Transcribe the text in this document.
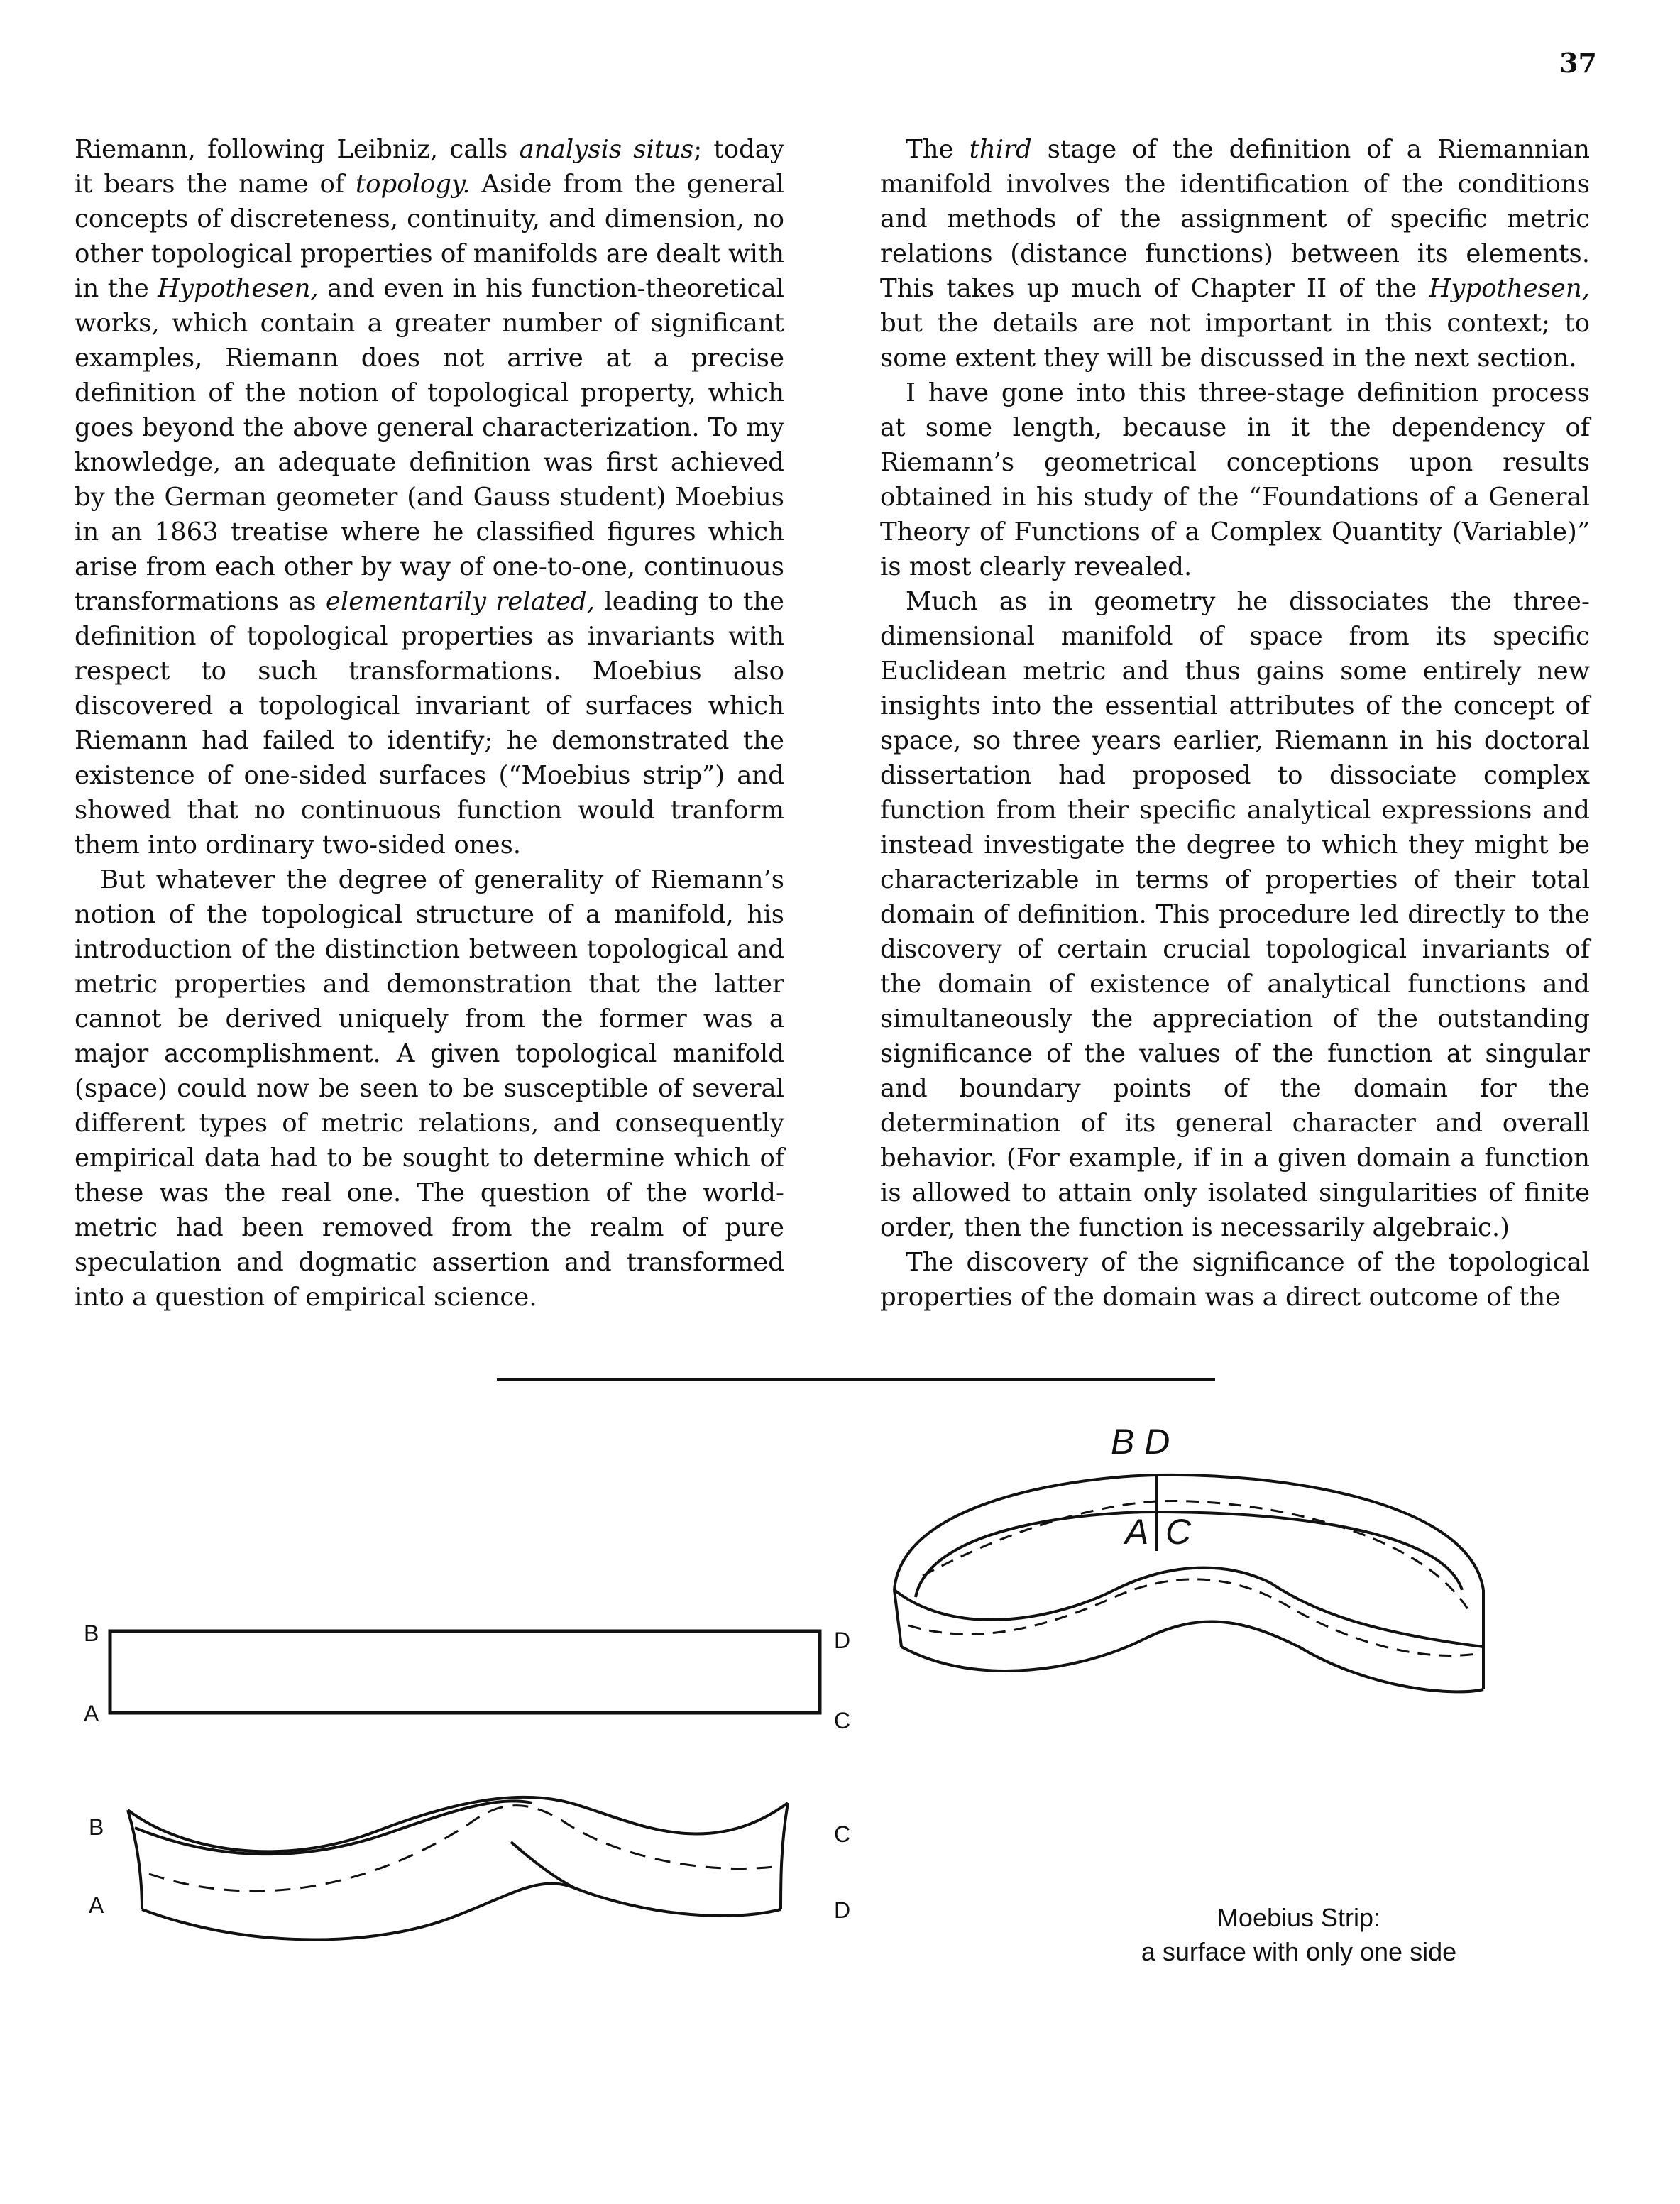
37

Riemann, following Leibniz, calls analysis situs; today it bears the name of topology. Aside from the general concepts of discreteness, continuity, and dimension, no other topological properties of manifolds are dealt with in the Hypothesen, and even in his function-theoretical works, which contain a greater number of significant examples, Riemann does not arrive at a precise definition of the notion of topological property, which goes beyond the above general characterization. To my knowledge, an adequate definition was first achieved by the German geometer (and Gauss student) Moebius in an 1863 treatise where he classified figures which arise from each other by way of one-to-one, continuous transformations as elementarily related, leading to the definition of topological properties as invariants with respect to such transformations. Moebius also discovered a topological invariant of surfaces which Riemann had failed to identify; he demonstrated the existence of one-sided surfaces (“Moebius strip”) and showed that no continuous function would tranform them into ordinary two-sided ones.

But whatever the degree of generality of Riemann’s notion of the topological structure of a manifold, his introduction of the distinction between topological and metric properties and demonstration that the latter cannot be derived uniquely from the former was a major accomplishment. A given topological manifold (space) could now be seen to be susceptible of several different types of metric relations, and consequently empirical data had to be sought to determine which of these was the real one. The question of the world-metric had been removed from the realm of pure speculation and dogmatic assertion and transformed into a question of empirical science.

The third stage of the definition of a Riemannian manifold involves the identification of the conditions and methods of the assignment of specific metric relations (distance functions) between its elements. This takes up much of Chapter II of the Hypothesen, but the details are not important in this context; to some extent they will be discussed in the next section.

I have gone into this three-stage definition process at some length, because in it the dependency of Riemann’s geometrical conceptions upon results obtained in his study of the “Foundations of a General Theory of Functions of a Complex Quantity (Variable)” is most clearly revealed.

Much as in geometry he dissociates the three-dimensional manifold of space from its specific Euclidean metric and thus gains some entirely new insights into the essential attributes of the concept of space, so three years earlier, Riemann in his doctoral dissertation had proposed to dissociate complex function from their specific analytical expressions and instead investigate the degree to which they might be characterizable in terms of properties of their total domain of definition. This procedure led directly to the discovery of certain crucial topological invariants of the domain of existence of analytical functions and simultaneously the appreciation of the outstanding significance of the values of the function at singular and boundary points of the domain for the determination of its general character and overall behavior. (For example, if in a given domain a function is allowed to attain only isolated singularities of finite order, then the function is necessarily algebraic.)

The discovery of the significance of the topological properties of the domain was a direct outcome of the

B
A
D
C
B
A
C
D
B D
A C
Moebius Strip:
a surface with only one side
